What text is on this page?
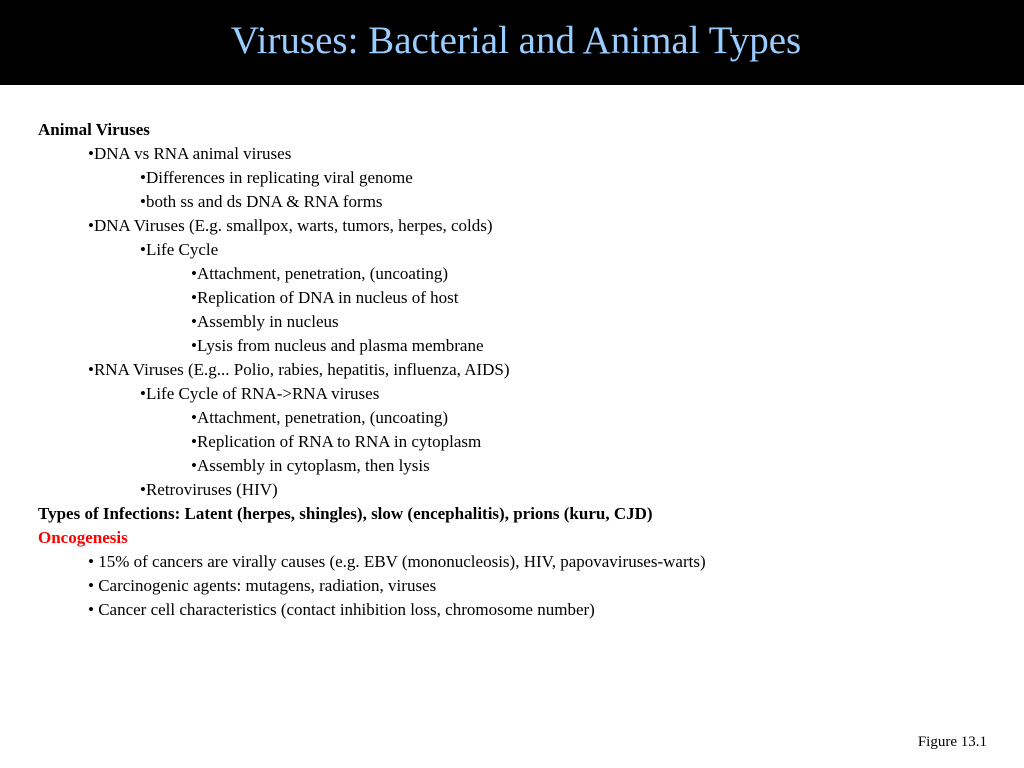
Viruses: Bacterial and Animal Types
Animal Viruses
•DNA vs RNA animal viruses
•Differences in replicating viral genome
•both ss and ds DNA & RNA forms
•DNA Viruses (E.g. smallpox, warts, tumors, herpes, colds)
•Life Cycle
•Attachment, penetration, (uncoating)
•Replication of DNA in nucleus of host
•Assembly in nucleus
•Lysis from nucleus and plasma membrane
•RNA Viruses (E.g... Polio, rabies, hepatitis, influenza, AIDS)
•Life Cycle of RNA->RNA viruses
•Attachment, penetration, (uncoating)
•Replication of RNA to RNA in cytoplasm
•Assembly in cytoplasm, then lysis
•Retroviruses (HIV)
Types of Infections: Latent (herpes, shingles), slow (encephalitis), prions (kuru, CJD)
Oncogenesis
• 15% of cancers are virally causes (e.g. EBV (mononucleosis), HIV, papovaviruses-warts)
• Carcinogenic agents: mutagens, radiation, viruses
• Cancer cell characteristics (contact inhibition loss, chromosome number)
Figure 13.1
